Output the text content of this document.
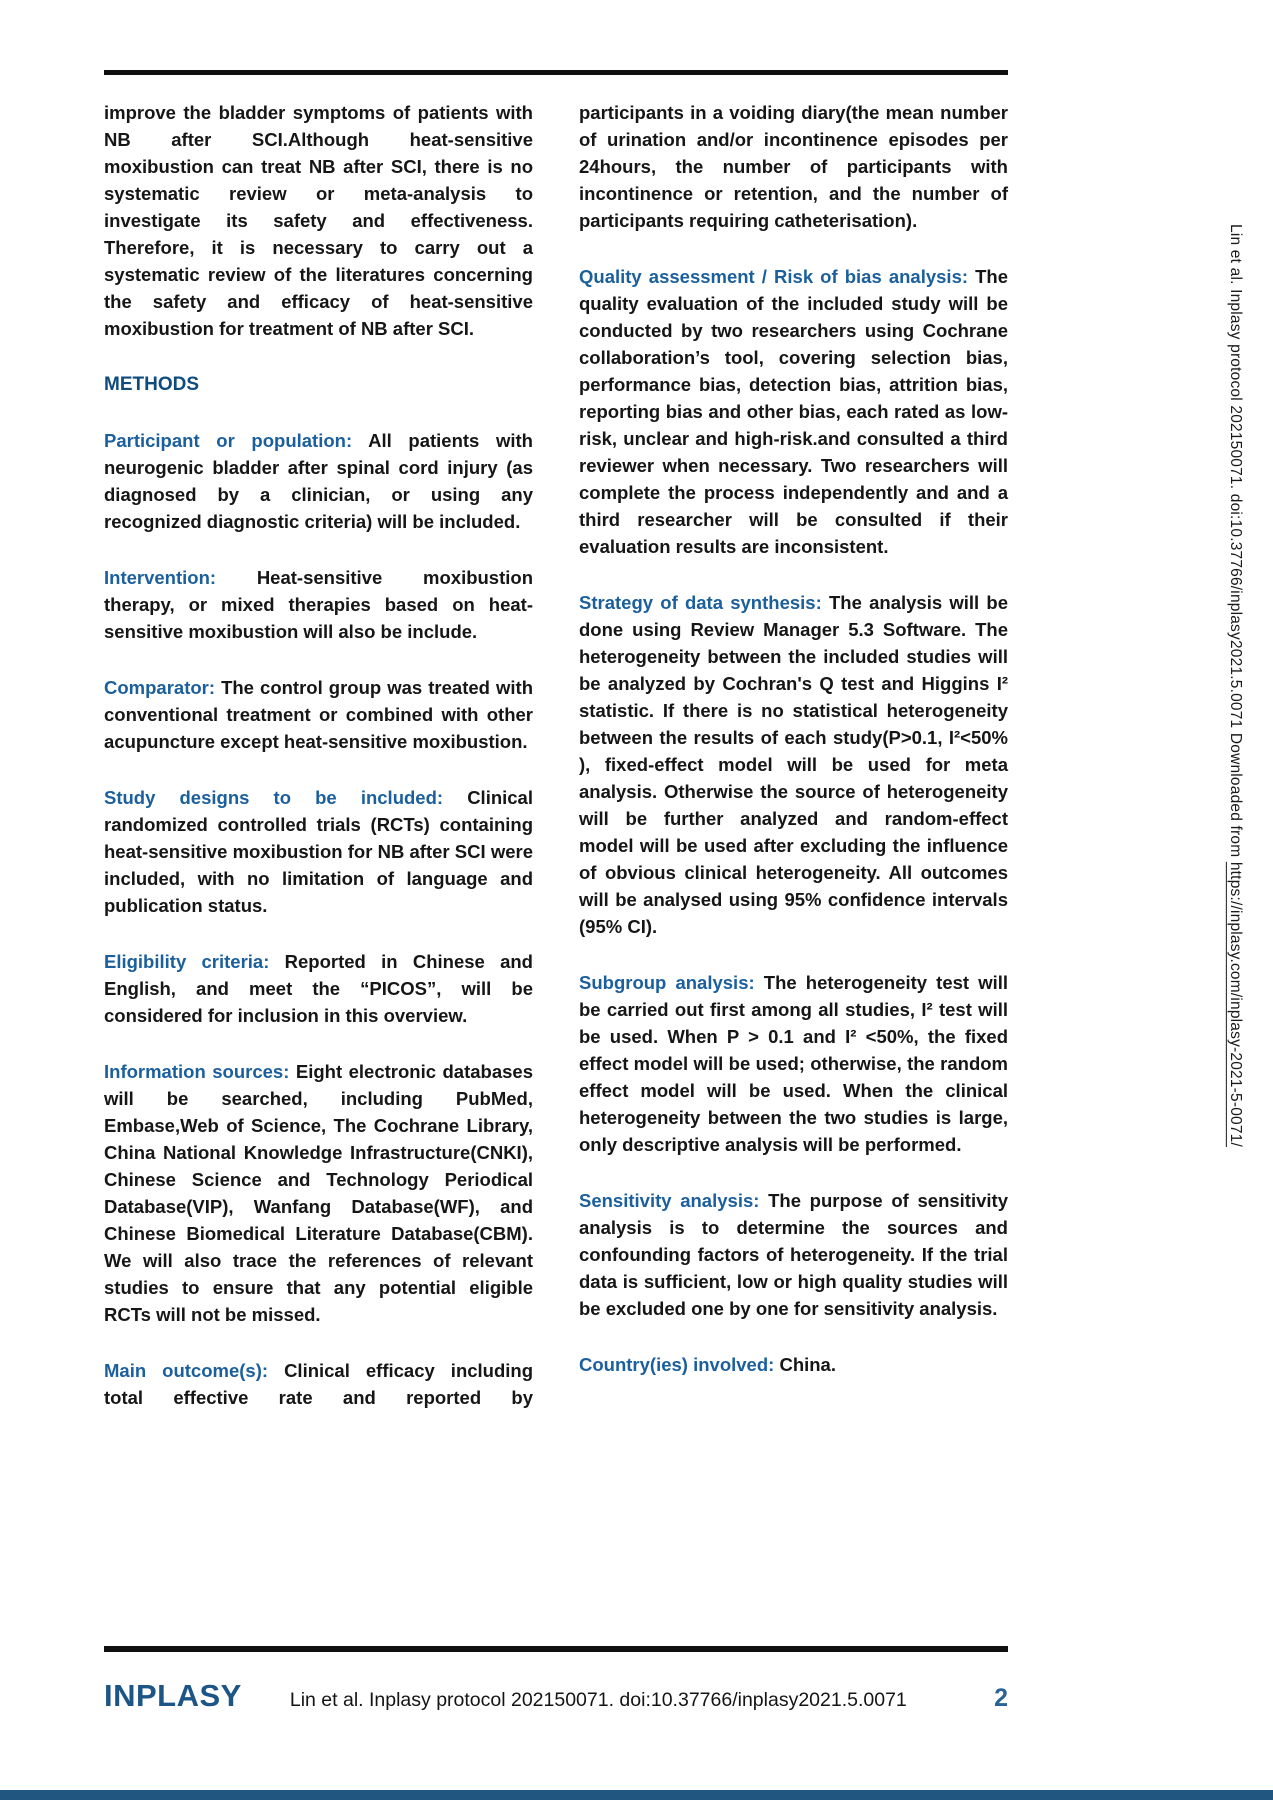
improve the bladder symptoms of patients with NB after SCI.Although heat-sensitive moxibustion can treat NB after SCI, there is no systematic review or meta-analysis to investigate its safety and effectiveness. Therefore, it is necessary to carry out a systematic review of the literatures concerning the safety and efficacy of heat-sensitive moxibustion for treatment of NB after SCI.

METHODS

Participant or population: All patients with neurogenic bladder after spinal cord injury (as diagnosed by a clinician, or using any recognized diagnostic criteria) will be included.

Intervention: Heat-sensitive moxibustion therapy, or mixed therapies based on heat-sensitive moxibustion will also be include.

Comparator: The control group was treated with conventional treatment or combined with other acupuncture except heat-sensitive moxibustion.

Study designs to be included: Clinical randomized controlled trials (RCTs) containing heat-sensitive moxibustion for NB after SCI were included, with no limitation of language and publication status.

Eligibility criteria: Reported in Chinese and English, and meet the “PICOS”, will be considered for inclusion in this overview.

Information sources: Eight electronic databases will be searched, including PubMed, Embase,Web of Science, The Cochrane Library, China National Knowledge Infrastructure(CNKI), Chinese Science and Technology Periodical Database(VIP), Wanfang Database(WF), and Chinese Biomedical Literature Database(CBM). We will also trace the references of relevant studies to ensure that any potential eligible RCTs will not be missed.

Main outcome(s): Clinical efficacy including total effective rate and reported by

participants in a voiding diary(the mean number of urination and/or incontinence episodes per 24hours, the number of participants with incontinence or retention, and the number of participants requiring catheterisation).

Quality assessment / Risk of bias analysis: The quality evaluation of the included study will be conducted by two researchers using Cochrane collaboration’s tool, covering selection bias, performance bias, detection bias, attrition bias, reporting bias and other bias, each rated as low-risk, unclear and high-risk.and consulted a third reviewer when necessary. Two researchers will complete the process independently and and a third researcher will be consulted if their evaluation results are inconsistent.

Strategy of data synthesis: The analysis will be done using Review Manager 5.3 Software. The heterogeneity between the included studies will be analyzed by Cochran's Q test and Higgins I² statistic. If there is no statistical heterogeneity between the results of each study(P>0.1, I²<50% ), fixed-effect model will be used for meta analysis. Otherwise the source of heterogeneity will be further analyzed and random-effect model will be used after excluding the influence of obvious clinical heterogeneity. All outcomes will be analysed using 95% confidence intervals (95% CI).

Subgroup analysis: The heterogeneity test will be carried out first among all studies, I² test will be used. When P > 0.1 and I² <50%, the fixed effect model will be used; otherwise, the random effect model will be used. When the clinical heterogeneity between the two studies is large, only descriptive analysis will be performed.

Sensitivity analysis: The purpose of sensitivity analysis is to determine the sources and confounding factors of heterogeneity. If the trial data is sufficient, low or high quality studies will be excluded one by one for sensitivity analysis.

Country(ies) involved: China.

Lin et al. Inplasy protocol 202150071. doi:10.37766/inplasy2021.5.0071 Downloaded from https://inplasy.com/inplasy-2021-5-0071/
INPLASY Lin et al. Inplasy protocol 202150071. doi:10.37766/inplasy2021.5.0071	2
